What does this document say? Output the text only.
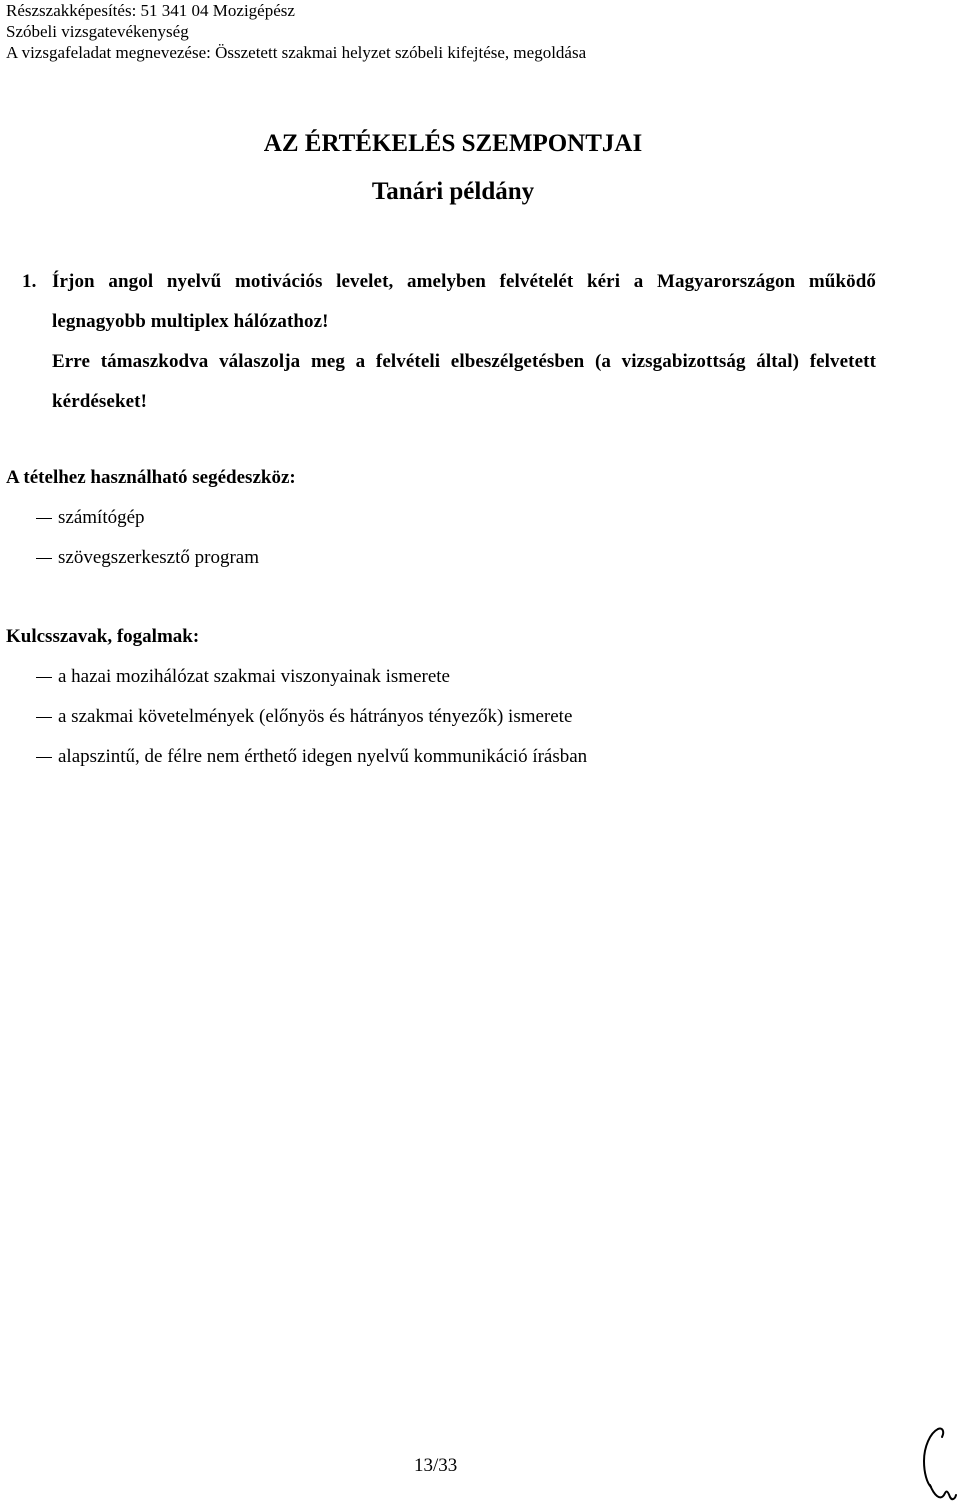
Részszakképesítés: 51 341 04 Mozigépész
Szóbeli vizsgatevékenység
A vizsgafeladat megnevezése: Összetett szakmai helyzet szóbeli kifejtése, megoldása
AZ ÉRTÉKELÉS SZEMPONTJAI
Tanári példány
1. Írjon angol nyelvű motivációs levelet, amelyben felvételét kéri a Magyarországon működő legnagyobb multiplex hálózathoz!

Erre támaszkodva válaszolja meg a felvételi elbeszélgetésben (a vizsgabizottság által) felvetett kérdéseket!

A tételhez használható segédeszköz:
számítógép
szövegszerkesztő program
Kulcsszavak, fogalmak:
a hazai mozihálózat szakmai viszonyainak ismerete
a szakmai követelmények (előnyös és hátrányos tényezők) ismerete
alapszintű, de félre nem érthető idegen nyelvű kommunikáció írásban
13/33
